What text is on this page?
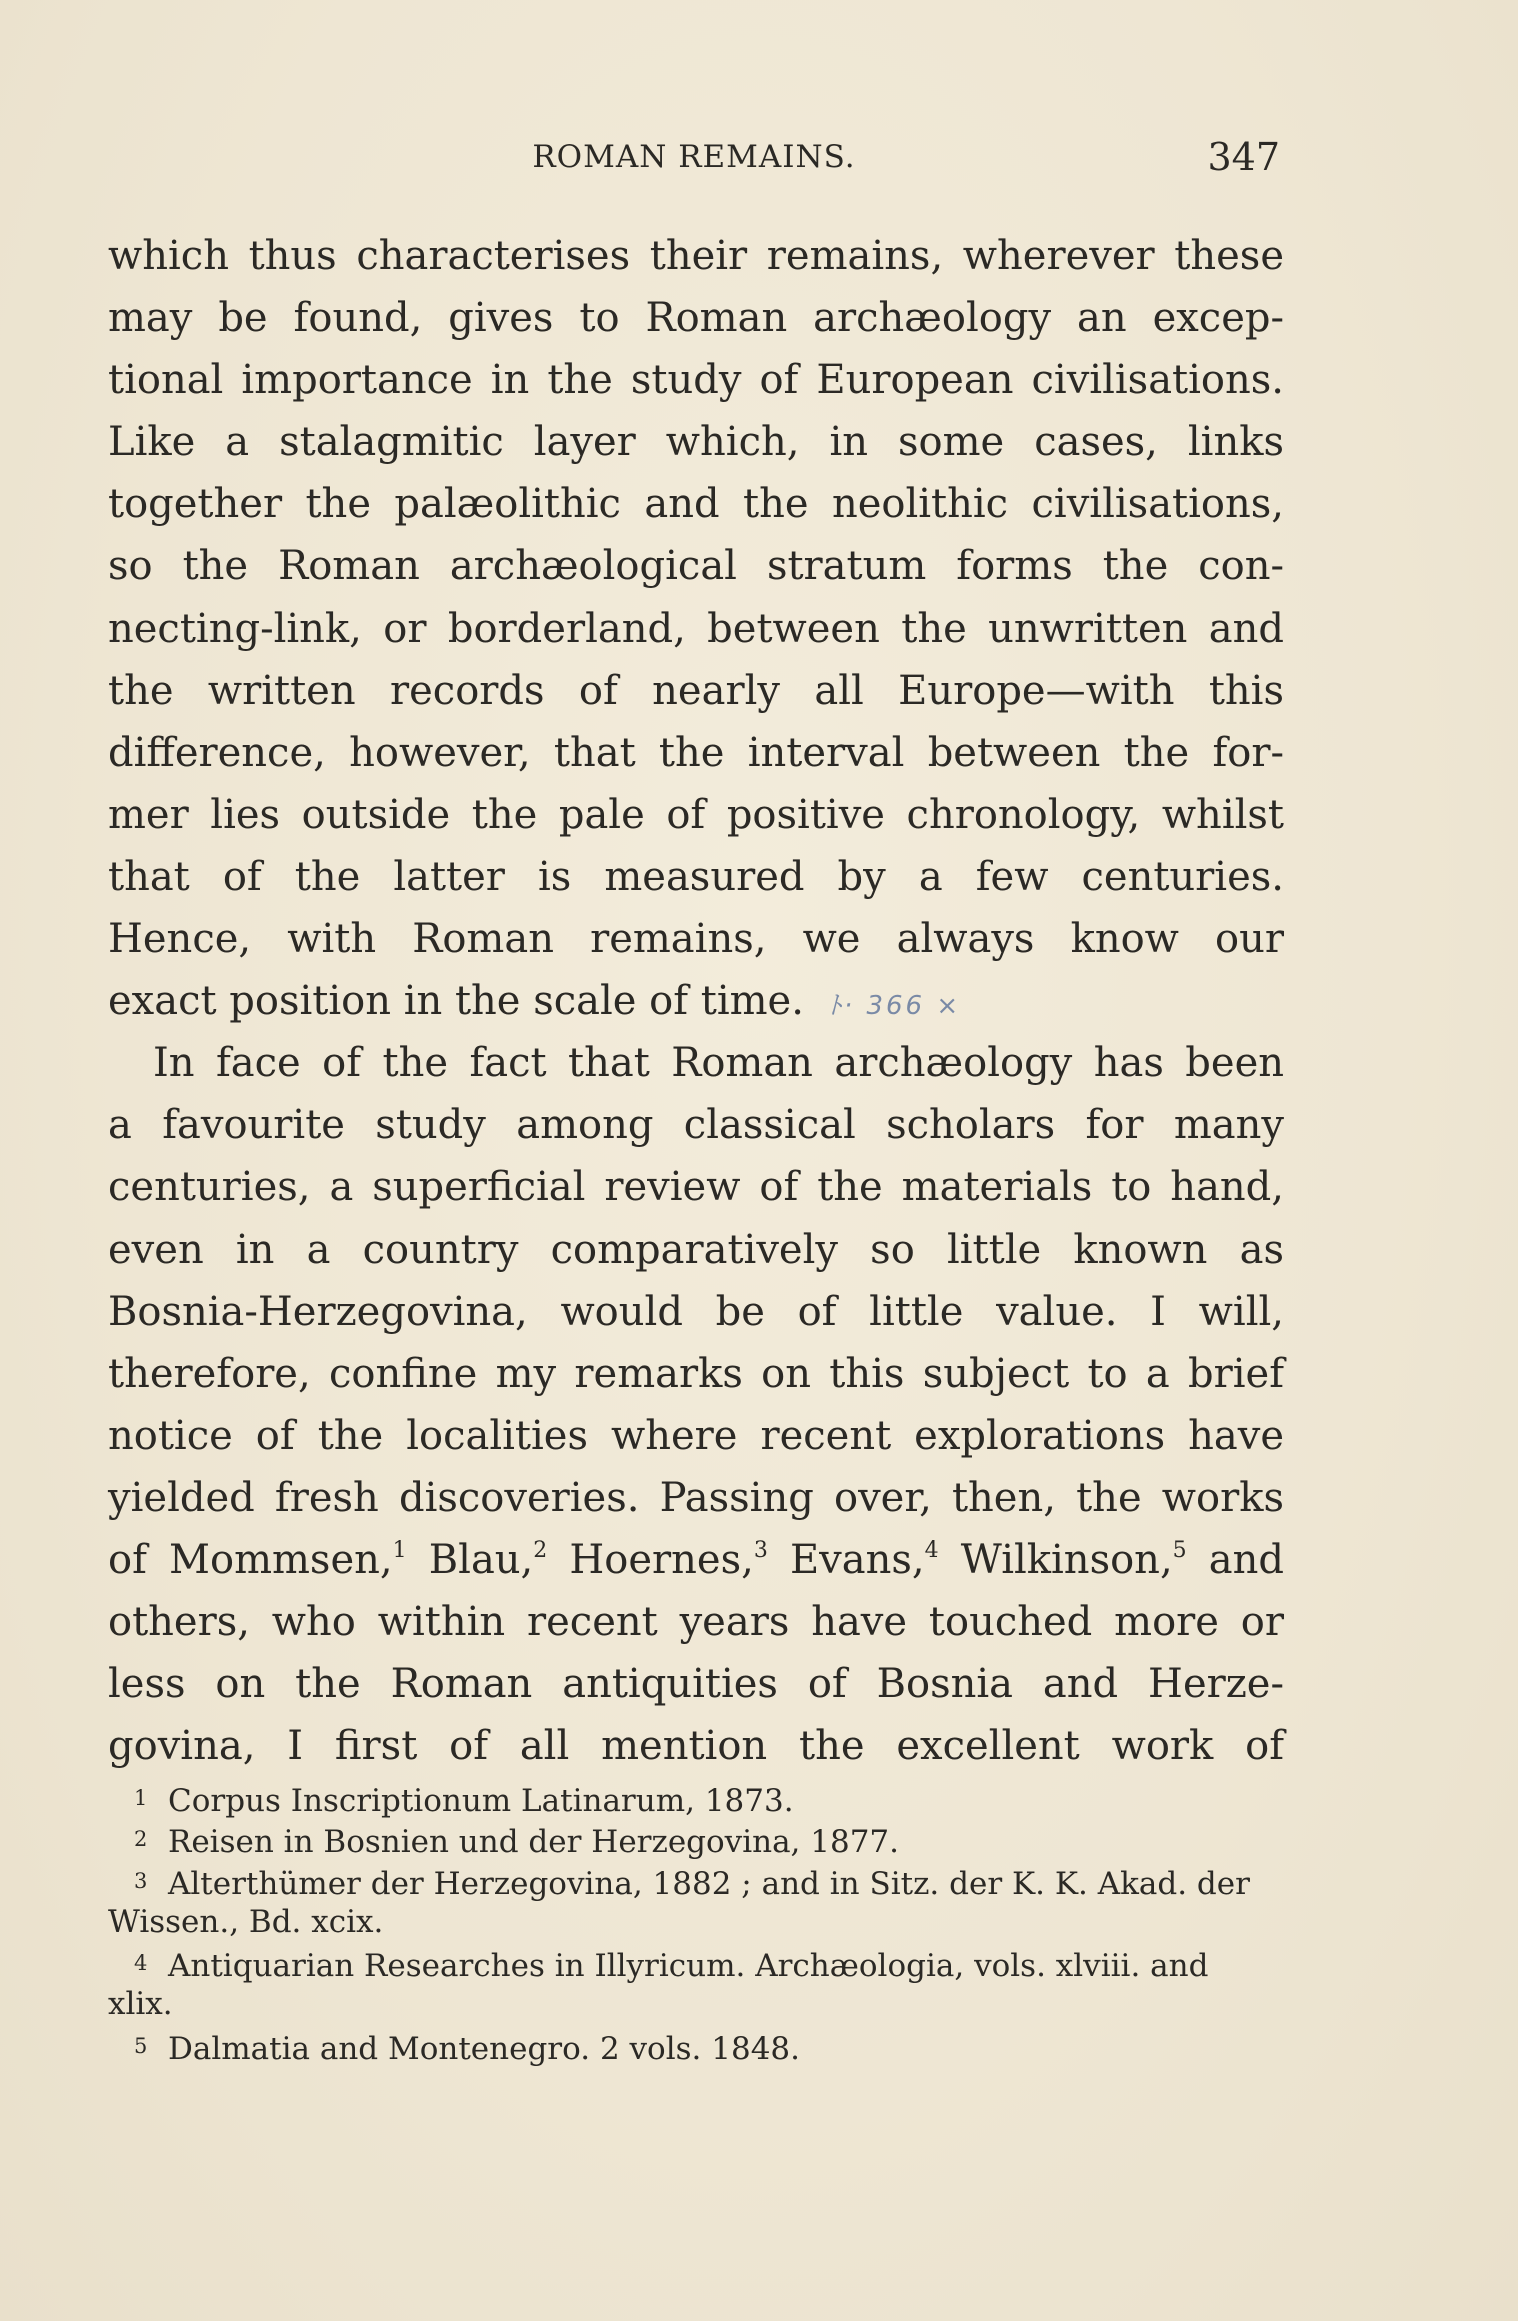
ROMAN REMAINS.	347
which thus characterises their remains, wherever these
may be found, gives to Roman archæology an excep-
tional importance in the study of European civilisations.
Like a stalagmitic layer which, in some cases, links
together the palæolithic and the neolithic civilisations,
so the Roman archæological stratum forms the con-
necting-link, or borderland, between the unwritten and
the written records of nearly all Europe—with this
difference, however, that the interval between the for-
mer lies outside the pale of positive chronology, whilst
that of the latter is measured by a few centuries.
Hence, with Roman remains, we always know our
exact position in the scale of time. ﾄ· 366 ×
In face of the fact that Roman archæology has been
a favourite study among classical scholars for many
centuries, a superficial review of the materials to hand,
even in a country comparatively so little known as
Bosnia-Herzegovina, would be of little value. I will,
therefore, confine my remarks on this subject to a brief
notice of the localities where recent explorations have
yielded fresh discoveries. Passing over, then, the works
of Mommsen,$^1$ Blau,$^2$ Hoernes,$^3$ Evans,$^4$ Wilkinson,$^5$ and
others, who within recent years have touched more or
less on the Roman antiquities of Bosnia and Herze-
govina, I first of all mention the excellent work of
1 Corpus Inscriptionum Latinarum, 1873.
2 Reisen in Bosnien und der Herzegovina, 1877.
3 Alterthümer der Herzegovina, 1882 ; and in Sitz. der K. K. Akad. der
Wissen., Bd. xcix.
4 Antiquarian Researches in Illyricum. Archæologia, vols. xlviii. and
xlix.
5 Dalmatia and Montenegro. 2 vols. 1848.
